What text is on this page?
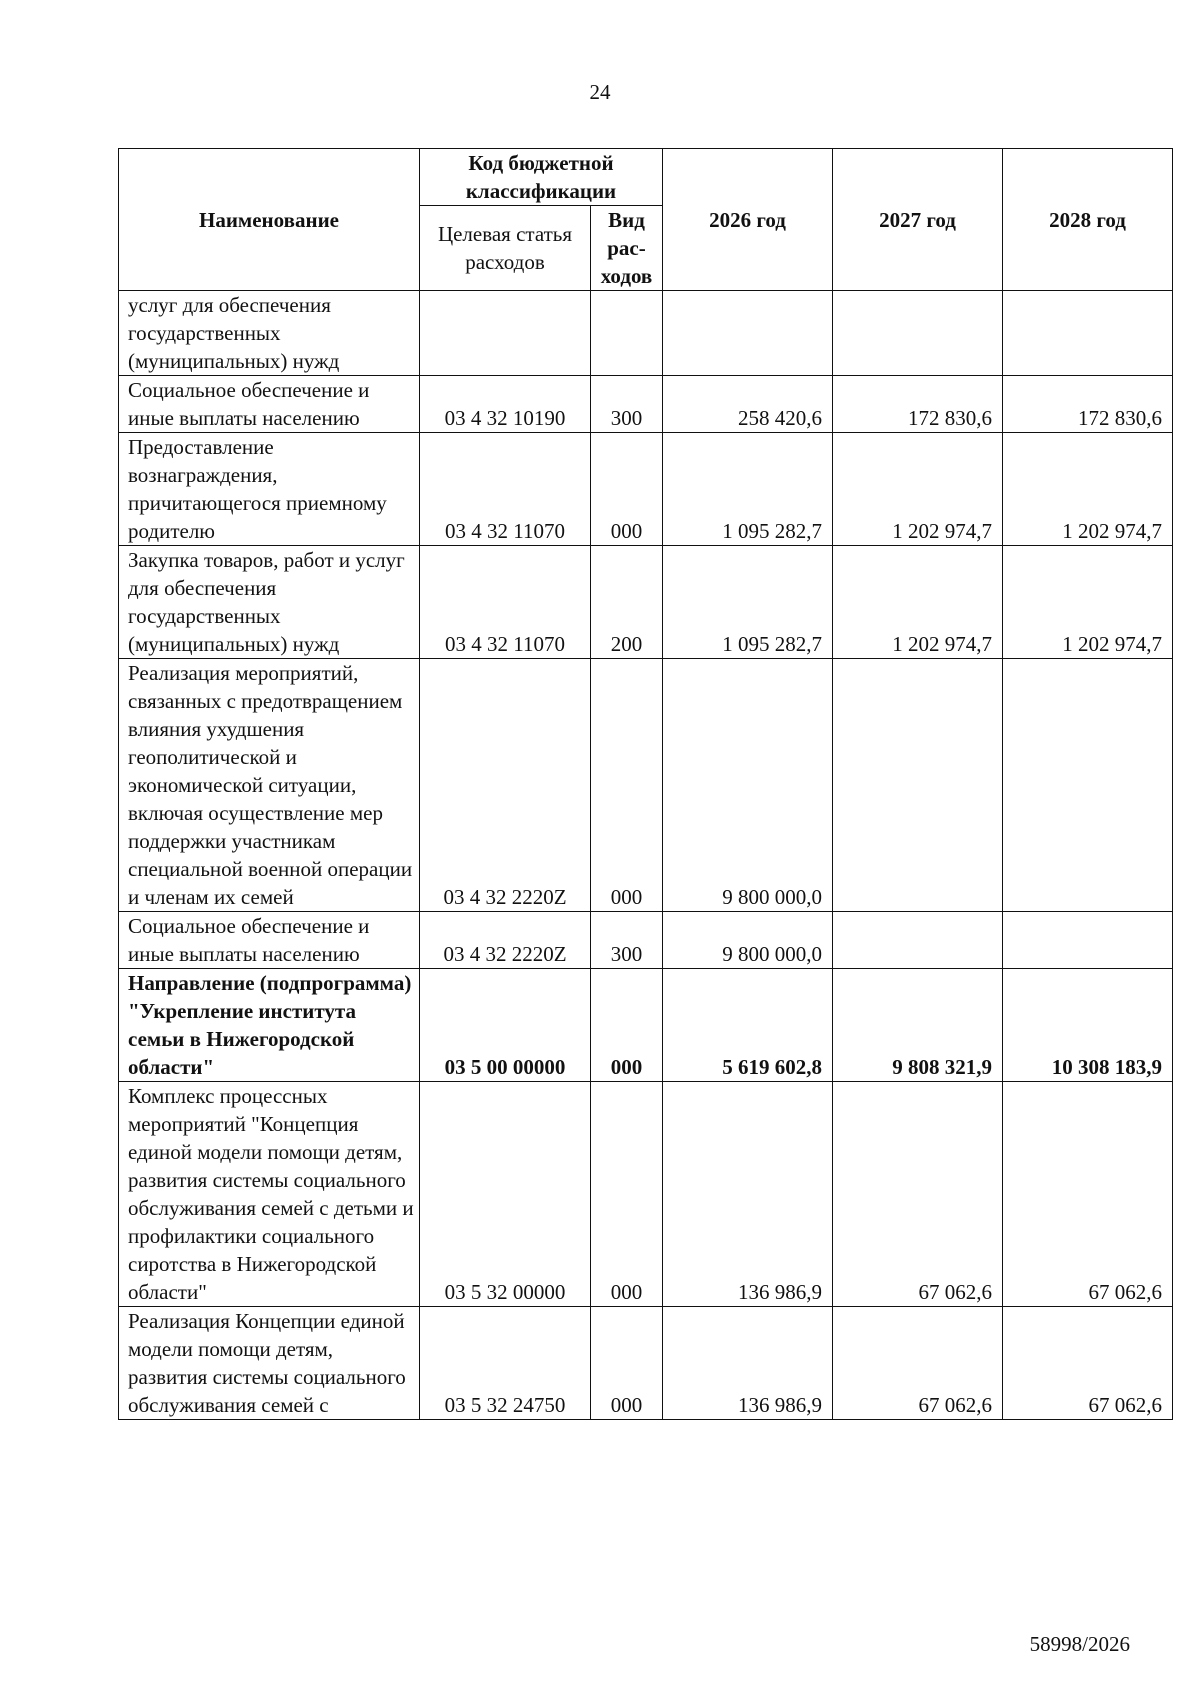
24
Наименование	Код бюджетной классификации		2026 год	2027 год	2028 год
	Целевая статья расходов	Вид рас-ходов			
услуг для обеспечения государственных (муниципальных) нужд					
Социальное обеспечение и иные выплаты населению	03 4 32 10190	300	258 420,6	172 830,6	172 830,6
Предоставление вознаграждения, причитающегося приемному родителю	03 4 32 11070	000	1 095 282,7	1 202 974,7	1 202 974,7
Закупка товаров, работ и услуг для обеспечения государственных (муниципальных) нужд	03 4 32 11070	200	1 095 282,7	1 202 974,7	1 202 974,7
Реализация мероприятий, связанных с предотвращением влияния ухудшения геополитической и экономической ситуации, включая осуществление мер поддержки участникам специальной военной операции и членам их семей	03 4 32 2220Z	000	9 800 000,0		
Социальное обеспечение и иные выплаты населению	03 4 32 2220Z	300	9 800 000,0		
Направление (подпрограмма) "Укрепление института семьи в Нижегородской области"	03 5 00 00000	000	5 619 602,8	9 808 321,9	10 308 183,9
Комплекс процессных мероприятий "Концепция единой модели помощи детям, развития системы социального обслуживания семей с детьми и профилактики социального сиротства в Нижегородской области"	03 5 32 00000	000	136 986,9	67 062,6	67 062,6
Реализация Концепции единой модели помощи детям, развития системы социального обслуживания семей с	03 5 32 24750	000	136 986,9	67 062,6	67 062,6
58998/2026
